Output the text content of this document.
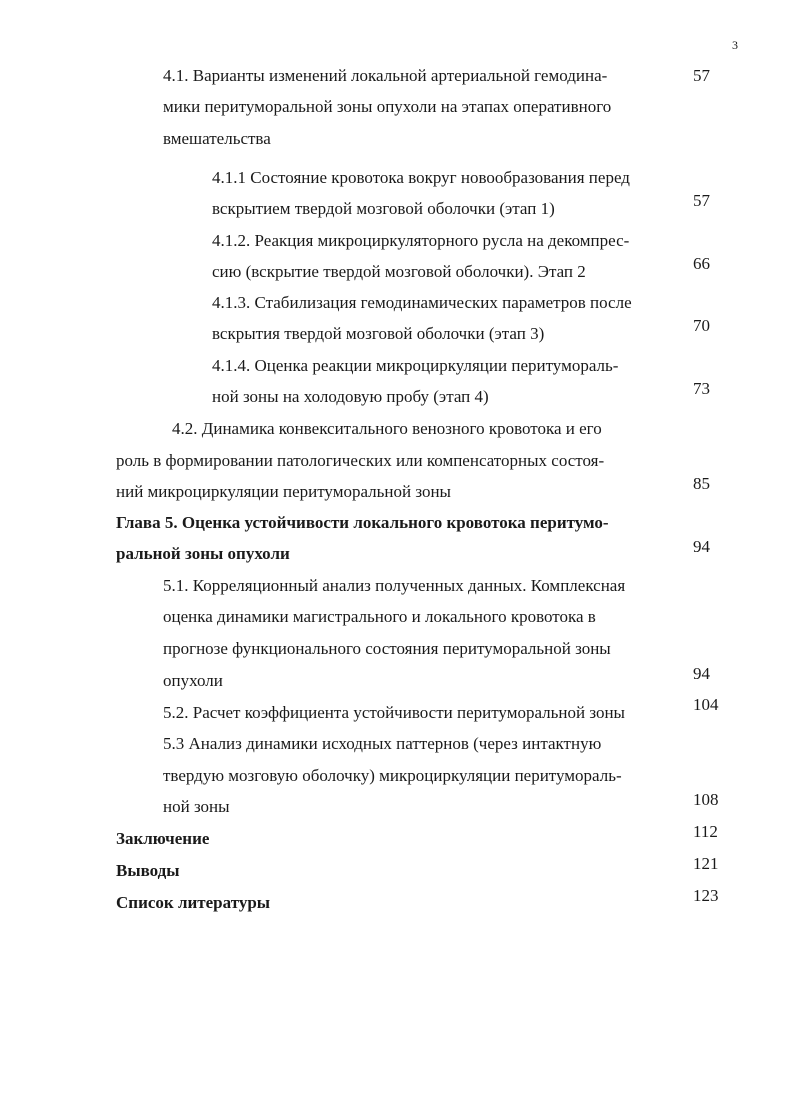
3
4.1. Варианты изменений локальной артериальной гемодина-
мики перитуморальной зоны опухоли на этапах оперативного
вмешательства
57
4.1.1 Состояние кровотока вокруг новообразования перед
вскрытием твердой мозговой оболочки (этап 1)	57
4.1.2. Реакция микроциркуляторного русла на декомпрес-
сию (вскрытие твердой мозговой оболочки). Этап 2	66
4.1.3. Стабилизация гемодинамических параметров после
вскрытия твердой мозговой оболочки (этап 3)	70
4.1.4. Оценка реакции микроциркуляции перитумораль-
ной зоны на холодовую пробу (этап 4)	73
4.2. Динамика конвекситального венозного кровотока и его
роль в формировании патологических или компенсаторных состоя-
ний микроциркуляции перитуморальной зоны	85
Глава 5. Оценка устойчивости локального кровотока перитумо-
ральной зоны опухоли	94
5.1. Корреляционный анализ полученных данных. Комплексная
оценка динамики магистрального и локального кровотока в
прогнозе функционального состояния перитуморальной зоны
опухоли	94
5.2. Расчет коэффициента устойчивости перитуморальной зоны	104
5.3 Анализ динамики исходных паттернов (через интактную
твердую мозговую оболочку) микроциркуляции перитумораль-
ной зоны	108
Заключение	112
Выводы	121
Список литературы	123
